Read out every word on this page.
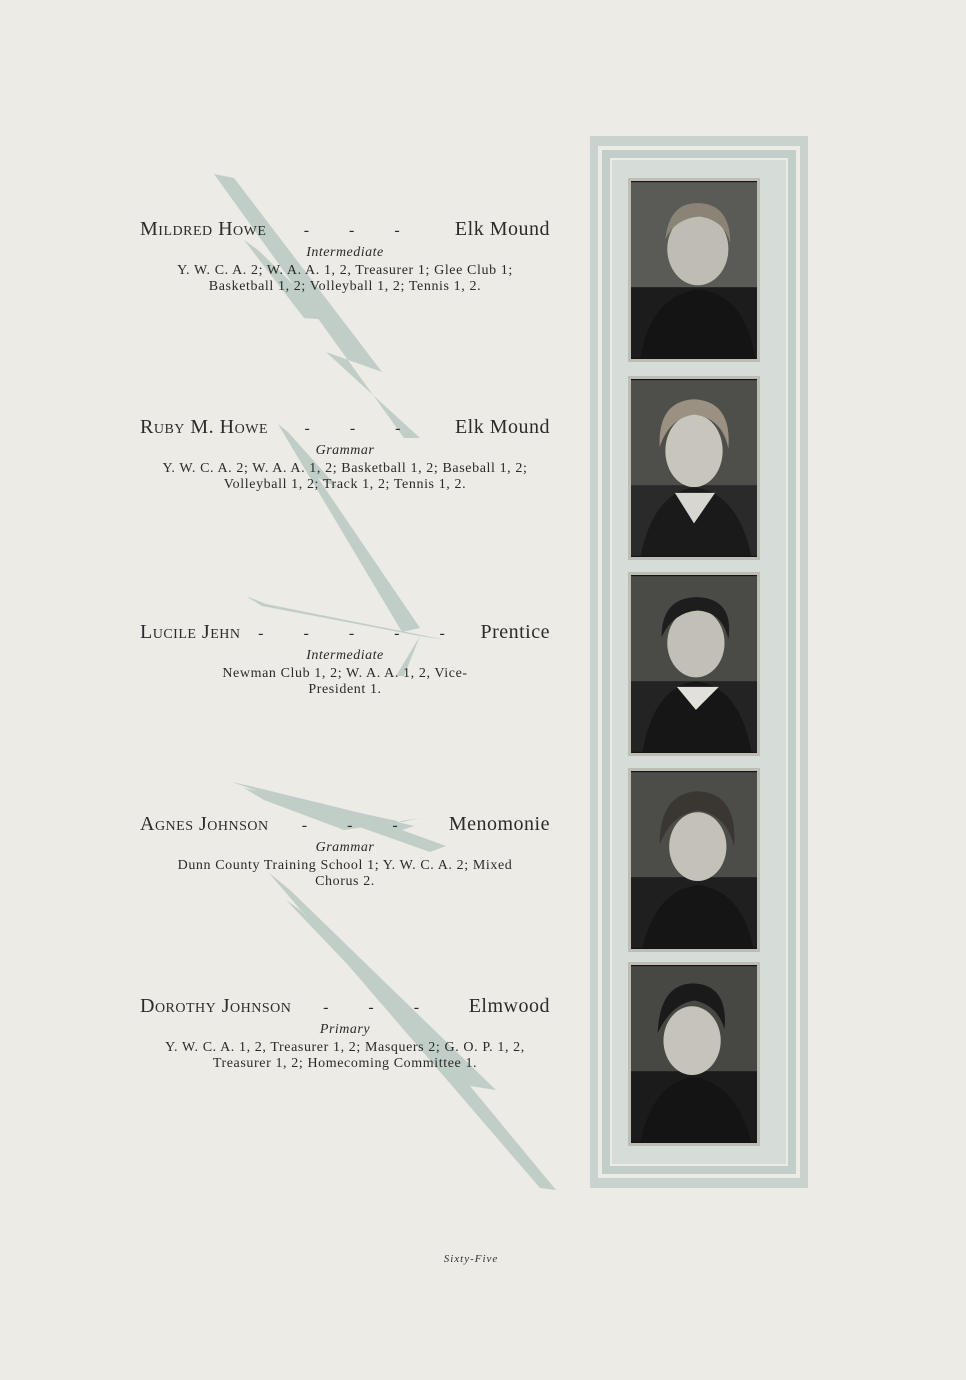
Mildred Howe - - - Elk Mound
Intermediate
Y. W. C. A. 2; W. A. A. 1, 2, Treasurer 1; Glee Club 1; Basketball 1, 2; Volleyball 1, 2; Tennis 1, 2.
Ruby M. Howe - - - Elk Mound
Grammar
Y. W. C. A. 2; W. A. A. 1, 2; Basketball 1, 2; Baseball 1, 2; Volleyball 1, 2; Track 1, 2; Tennis 1, 2.
Lucile Jehn - - - - - Prentice
Intermediate
Newman Club 1, 2; W. A. A. 1, 2, Vice-President 1.
Agnes Johnson - - - Menomonie
Grammar
Dunn County Training School 1; Y. W. C. A. 2; Mixed Chorus 2.
Dorothy Johnson - - - Elmwood
Primary
Y. W. C. A. 1, 2, Treasurer 1, 2; Masquers 2; G. O. P. 1, 2, Treasurer 1, 2; Homecoming Committee 1.
Sixty-Five
